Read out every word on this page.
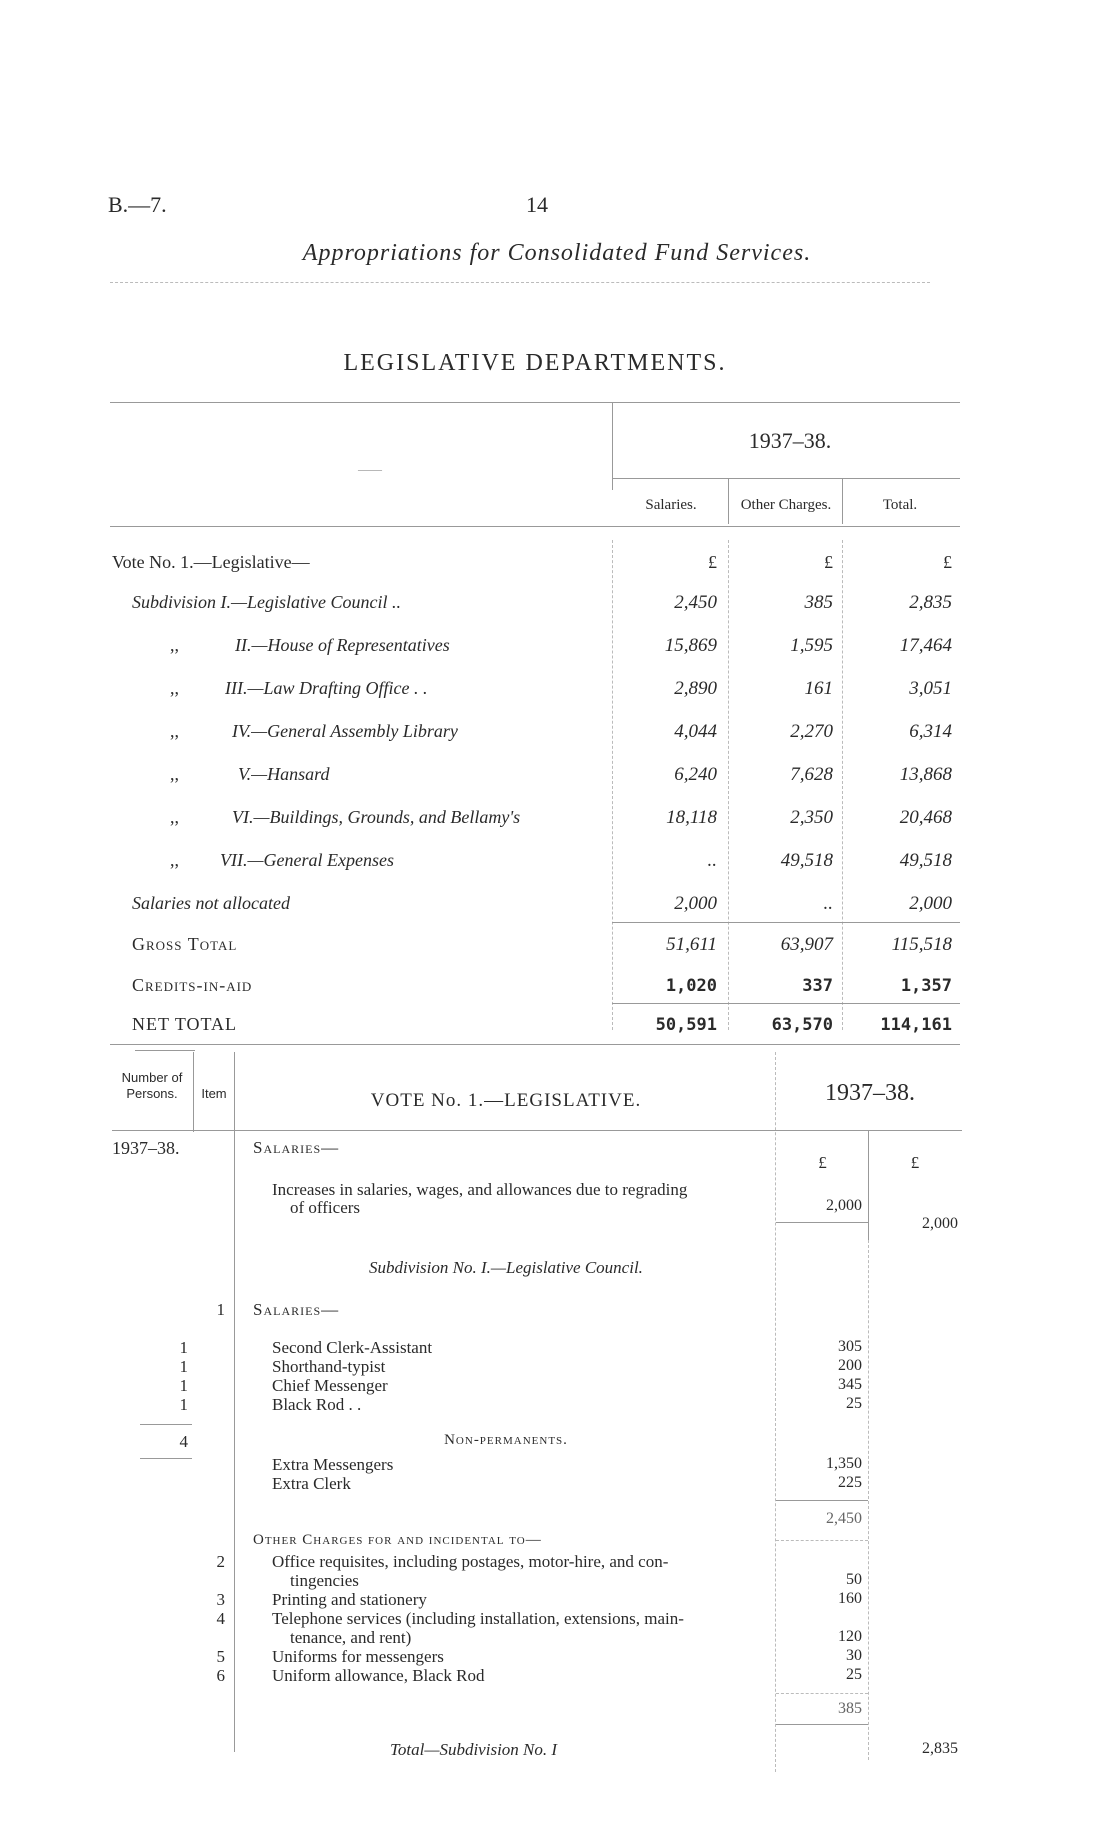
B.—7.	14
Appropriations for Consolidated Fund Services.
LEGISLATIVE DEPARTMENTS.
1937–38.
——
Salaries.	Other Charges.	Total.
Vote No. 1.—Legislative—	£	£	£
Subdivision I.—Legislative Council ..	2,450	385	2,835
,,	II.—House of Representatives	15,869	1,595	17,464
,,	III.—Law Drafting Office . .	2,890	161	3,051
,,	IV.—General Assembly Library	4,044	2,270	6,314
,,	V.—Hansard	6,240	7,628	13,868
,,	VI.—Buildings, Grounds, and Bellamy's	18,118	2,350	20,468
,, VII.—General Expenses	..	49,518	49,518
Salaries not allocated	2,000	..	2,000
Gross Total	51,611	63,907	115,518
Credits-in-aid	1,020	337	1,357
NET TOTAL	50,591	63,570	114,161
Number of Persons.	Item	VOTE No. 1.—LEGISLATIVE.	1937–38.
1937–38.	Salaries—
£	£
Increases in salaries, wages, and allowances due to regrading
of officers	2,000
2,000
Subdivision No. I.—Legislative Council.
1 Salaries—
1	Second Clerk-Assistant	305
1	Shorthand-typist	200
1	Chief Messenger	345
1	Black Rod . .	25
4	Non-permanents.
Extra Messengers	1,350
Extra Clerk	225
2,450
Other Charges for and incidental to—
2	Office requisites, including postages, motor-hire, and con-
tingencies	50
3	Printing and stationery	160
4	Telephone services (including installation, extensions, main-
tenance, and rent)	120
5	Uniforms for messengers	30
6	Uniform allowance, Black Rod	25
385
Total—Subdivision No. I	2,835
